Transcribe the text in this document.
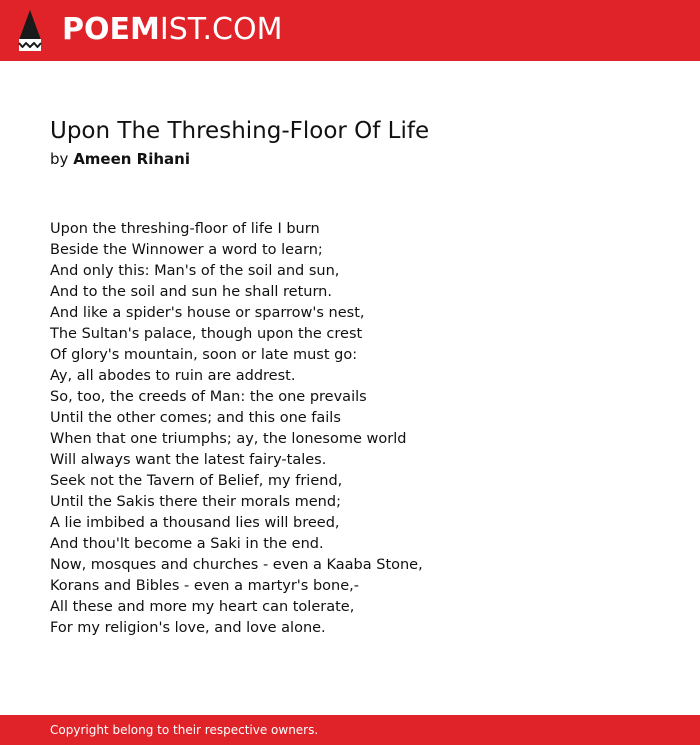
POEMIST.COM
Upon The Threshing-Floor Of Life
by Ameen Rihani
Upon the threshing-floor of life I burn
Beside the Winnower a word to learn;
And only this: Man's of the soil and sun,
And to the soil and sun he shall return.
And like a spider's house or sparrow's nest,
The Sultan's palace, though upon the crest
Of glory's mountain, soon or late must go:
Ay, all abodes to ruin are addrest.
So, too, the creeds of Man: the one prevails
Until the other comes; and this one fails
When that one triumphs; ay, the lonesome world
Will always want the latest fairy-tales.
Seek not the Tavern of Belief, my friend,
Until the Sakis there their morals mend;
A lie imbibed a thousand lies will breed,
And thou'lt become a Saki in the end.
Now, mosques and churches - even a Kaaba Stone,
Korans and Bibles - even a martyr's bone,-
All these and more my heart can tolerate,
For my religion's love, and love alone.
Copyright belong to their respective owners.
